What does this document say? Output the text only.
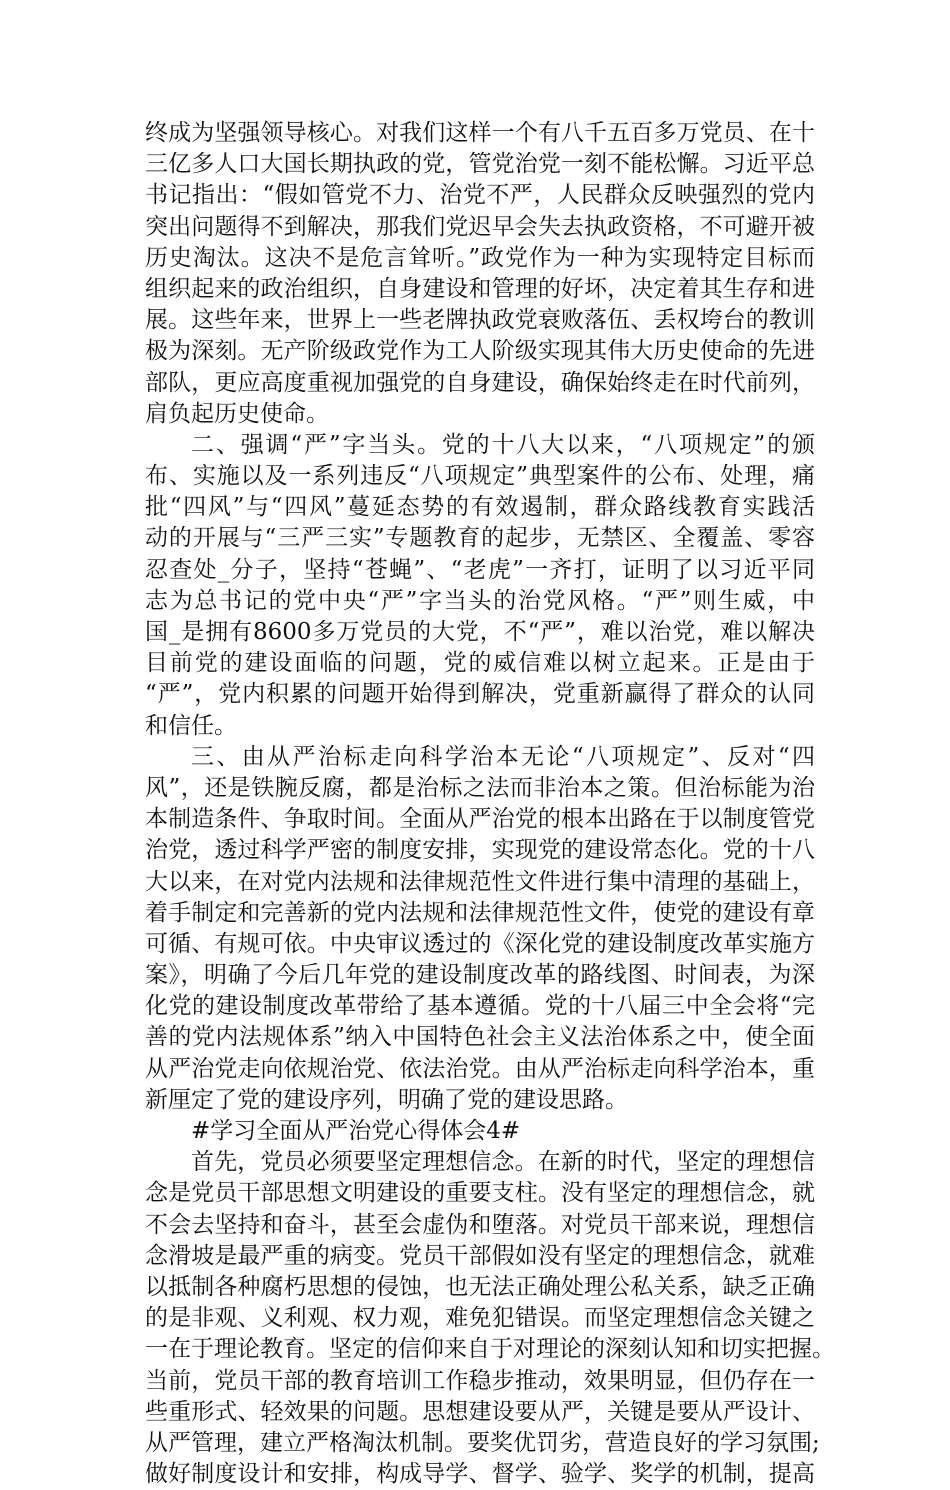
终成为坚强领导核心。对我们这样一个有八千五百多万党员、在十
三亿多人口大国长期执政的党，管党治党一刻不能松懈。习近平总
书记指出：“假如管党不力、治党不严，人民群众反映强烈的党内
突出问题得不到解决，那我们党迟早会失去执政资格，不可避开被
历史淘汰。这决不是危言耸听。”政党作为一种为实现特定目标而
组织起来的政治组织，自身建设和管理的好坏，决定着其生存和进
展。这些年来，世界上一些老牌执政党衰败落伍、丢权垮台的教训
极为深刻。无产阶级政党作为工人阶级实现其伟大历史使命的先进
部队，更应高度重视加强党的自身建设，确保始终走在时代前列，
肩负起历史使命。
二、强调“严”字当头。党的十八大以来，“八项规定”的颁
布、实施以及一系列违反“八项规定”典型案件的公布、处理，痛
批“四风”与“四风”蔓延态势的有效遏制，群众路线教育实践活
动的开展与“三严三实”专题教育的起步，无禁区、全覆盖、零容
忍查处_分子，坚持“苍蝇”、“老虎”一齐打，证明了以习近平同
志为总书记的党中央“严”字当头的治党风格。“严”则生威，中
国_是拥有8600多万党员的大党，不“严”，难以治党，难以解决
目前党的建设面临的问题，党的威信难以树立起来。正是由于
“严”，党内积累的问题开始得到解决，党重新赢得了群众的认同
和信任。
三、由从严治标走向科学治本无论“八项规定”、反对“四
风”，还是铁腕反腐，都是治标之法而非治本之策。但治标能为治
本制造条件、争取时间。全面从严治党的根本出路在于以制度管党
治党，透过科学严密的制度安排，实现党的建设常态化。党的十八
大以来，在对党内法规和法律规范性文件进行集中清理的基础上，
着手制定和完善新的党内法规和法律规范性文件，使党的建设有章
可循、有规可依。中央审议透过的《深化党的建设制度改革实施方
案》，明确了今后几年党的建设制度改革的路线图、时间表，为深
化党的建设制度改革带给了基本遵循。党的十八届三中全会将“完
善的党内法规体系”纳入中国特色社会主义法治体系之中，使全面
从严治党走向依规治党、依法治党。由从严治标走向科学治本，重
新厘定了党的建设序列，明确了党的建设思路。
#学习全面从严治党心得体会4#
首先，党员必须要坚定理想信念。在新的时代，坚定的理想信
念是党员干部思想文明建设的重要支柱。没有坚定的理想信念，就
不会去坚持和奋斗，甚至会虚伪和堕落。对党员干部来说，理想信
念滑坡是最严重的病变。党员干部假如没有坚定的理想信念，就难
以抵制各种腐朽思想的侵蚀，也无法正确处理公私关系，缺乏正确
的是非观、义利观、权力观，难免犯错误。而坚定理想信念关键之
一在于理论教育。坚定的信仰来自于对理论的深刻认知和切实把握。
当前，党员干部的教育培训工作稳步推动，效果明显，但仍存在一
些重形式、轻效果的问题。思想建设要从严，关键是要从严设计、
从严管理，建立严格淘汰机制。要奖优罚劣，营造良好的学习氛围;
做好制度设计和安排，构成导学、督学、验学、奖学的机制，提高
